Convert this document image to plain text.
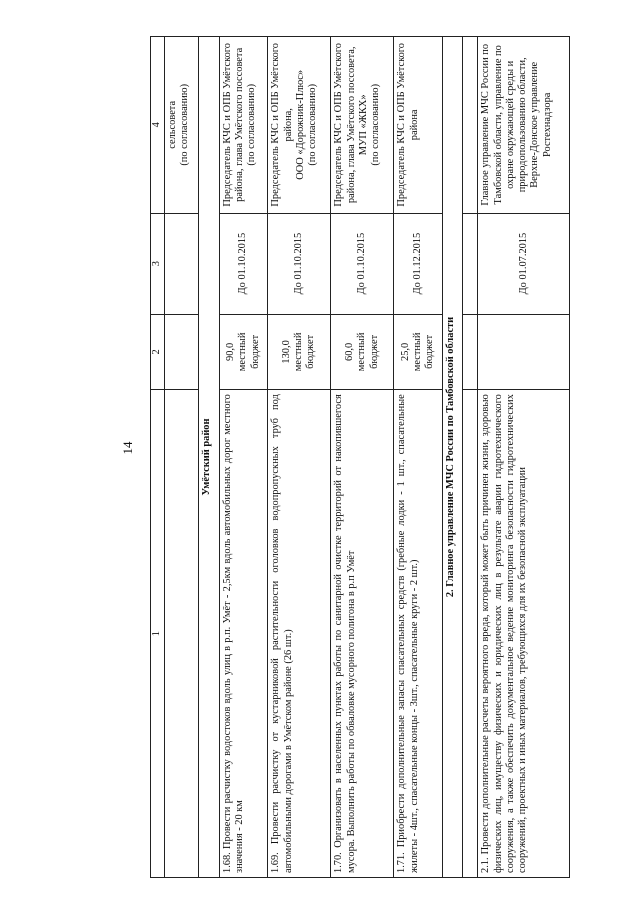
14
1	2	3	4
			сельсовета
(по согласованию)
Умётский район			
1.68. Провести расчистку водостоков вдоль улиц в р.п. Умёт - 2,5км вдоль автомобильных дорог местного значения - 20 км	90,0
местный
бюджет	До 01.10.2015	Председатель КЧС и ОПБ Умётского района, глава Умётского поссовета
(по согласованию)
1.69. Провести расчистку от кустарниковой растительности оголовков водопропускных труб под автомобильными дорогами в Умётском районе (26 шт.)	130,0
местный
бюджет	До 01.10.2015	Председатель КЧС и ОПБ Умётского района,
ООО «Дорожник-Плюс»
(по согласованию)
1.70. Организовать в населенных пунктах работы по санитарной очистке территорий от накопившегося мусора. Выполнить работы по обваловке мусорного полигона в р.п Умёт	60,0
местный
бюджет	До 01.10.2015	Председатель КЧС и ОПБ Умётского района, глава Умётского поссовета, МУП «ЖКХ»
(по согласованию)
1.71. Приобрести дополнительные запасы спасательных средств (гребные лодки - 1 шт., спасательные жилеты - 4шт., спасательные концы - 3шт., спасательные круги - 2 шт.)	25,0
местный
бюджет	До 01.12.2015	Председатель КЧС и ОПБ Умётского района
2. Главное управление МЧС России по Тамбовской области			

2.1. Провести дополнительные расчеты вероятного вреда, который может быть причинен жизни, здоровью физических лиц, имуществу физических и юридических лиц в результате аварии гидротехнического сооружения, а также обеспечить документальное ведение мониторинга безопасности гидротехнических сооружений, проектных и иных материалов, требующихся для их безопасной эксплуатации		До 01.07.2015	Главное управление МЧС России по Тамбовской области, управление по охране окружающей среды и природопользованию области, Верхне-Донское управление Ростехнадзора
